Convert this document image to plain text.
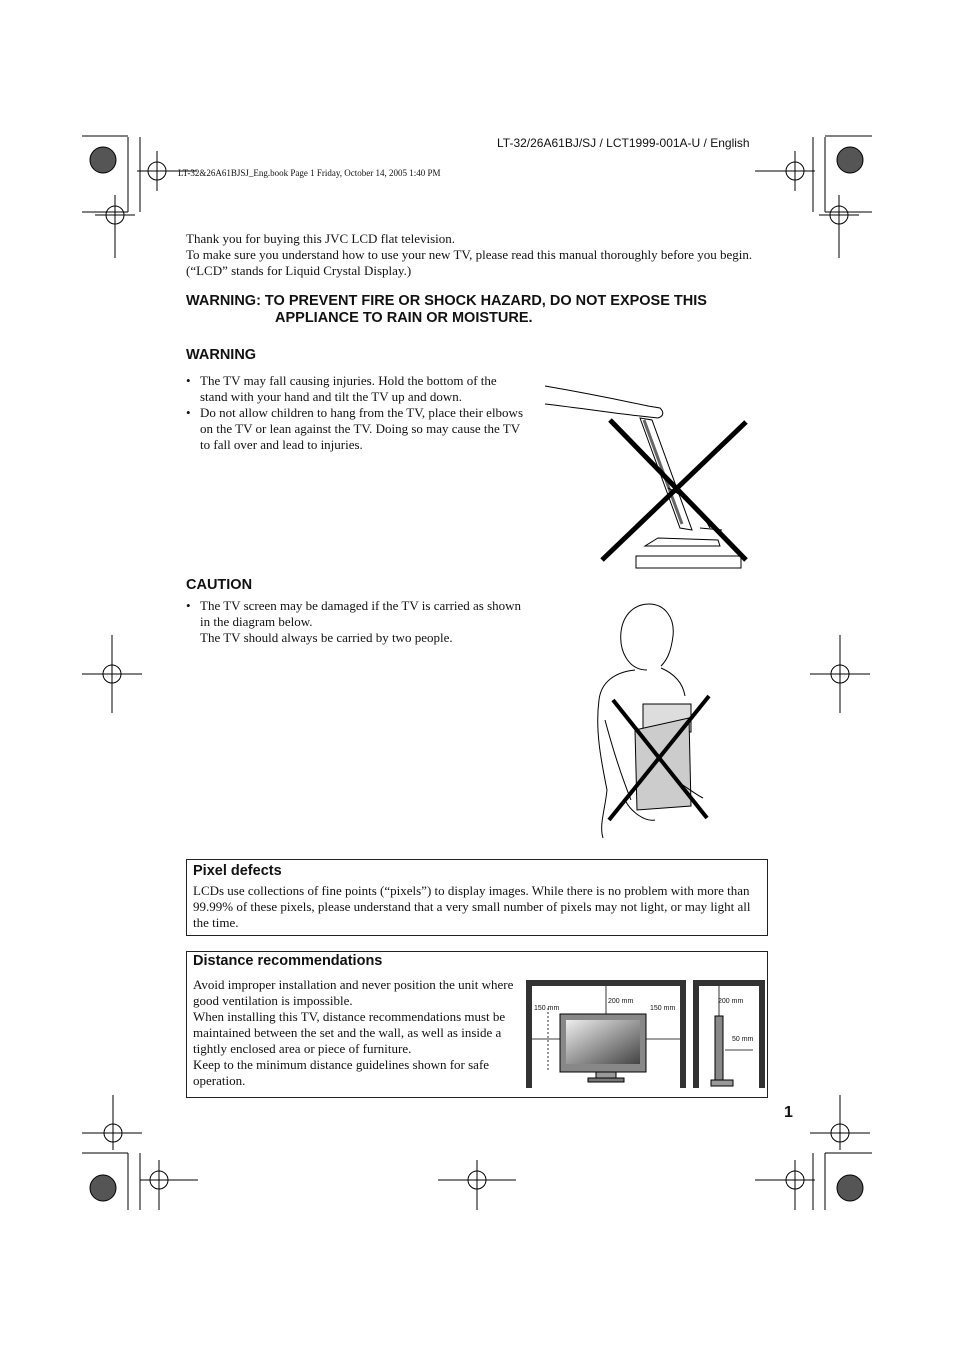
LT-32/26A61BJ/SJ / LCT1999-001A-U / English
LT-32&26A61BJSJ_Eng.book Page 1 Friday, October 14, 2005 1:40 PM

Thank you for buying this JVC LCD flat television.

To make sure you understand how to use your new TV, please read this manual thoroughly before you begin. (“LCD” stands for Liquid Crystal Display.)

WARNING: TO PREVENT FIRE OR SHOCK HAZARD, DO NOT EXPOSE THIS
APPLIANCE TO RAIN OR MOISTURE.
WARNING
• The TV may fall causing injuries. Hold the bottom of the stand with your hand and tilt the TV up and down.
• Do not allow children to hang from the TV, place their elbows on the TV or lean against the TV. Doing so may cause the TV to fall over and lead to injuries.
CAUTION
• The TV screen may be damaged if the TV is carried as shown in the diagram below.
The TV should always be carried by two people.
Pixel defects
LCDs use collections of fine points (“pixels”) to display images. While there is no problem with more than 99.99% of these pixels, please understand that a very small number of pixels may not light, or may light all the time.
Distance recommendations
Avoid improper installation and never position the unit where good ventilation is impossible.
When installing this TV, distance recommendations must be maintained between the set and the wall, as well as inside a tightly enclosed area or piece of furniture.
Keep to the minimum distance guidelines shown for safe operation.
150 mm
200 mm
150 mm
200 mm
50 mm
1
